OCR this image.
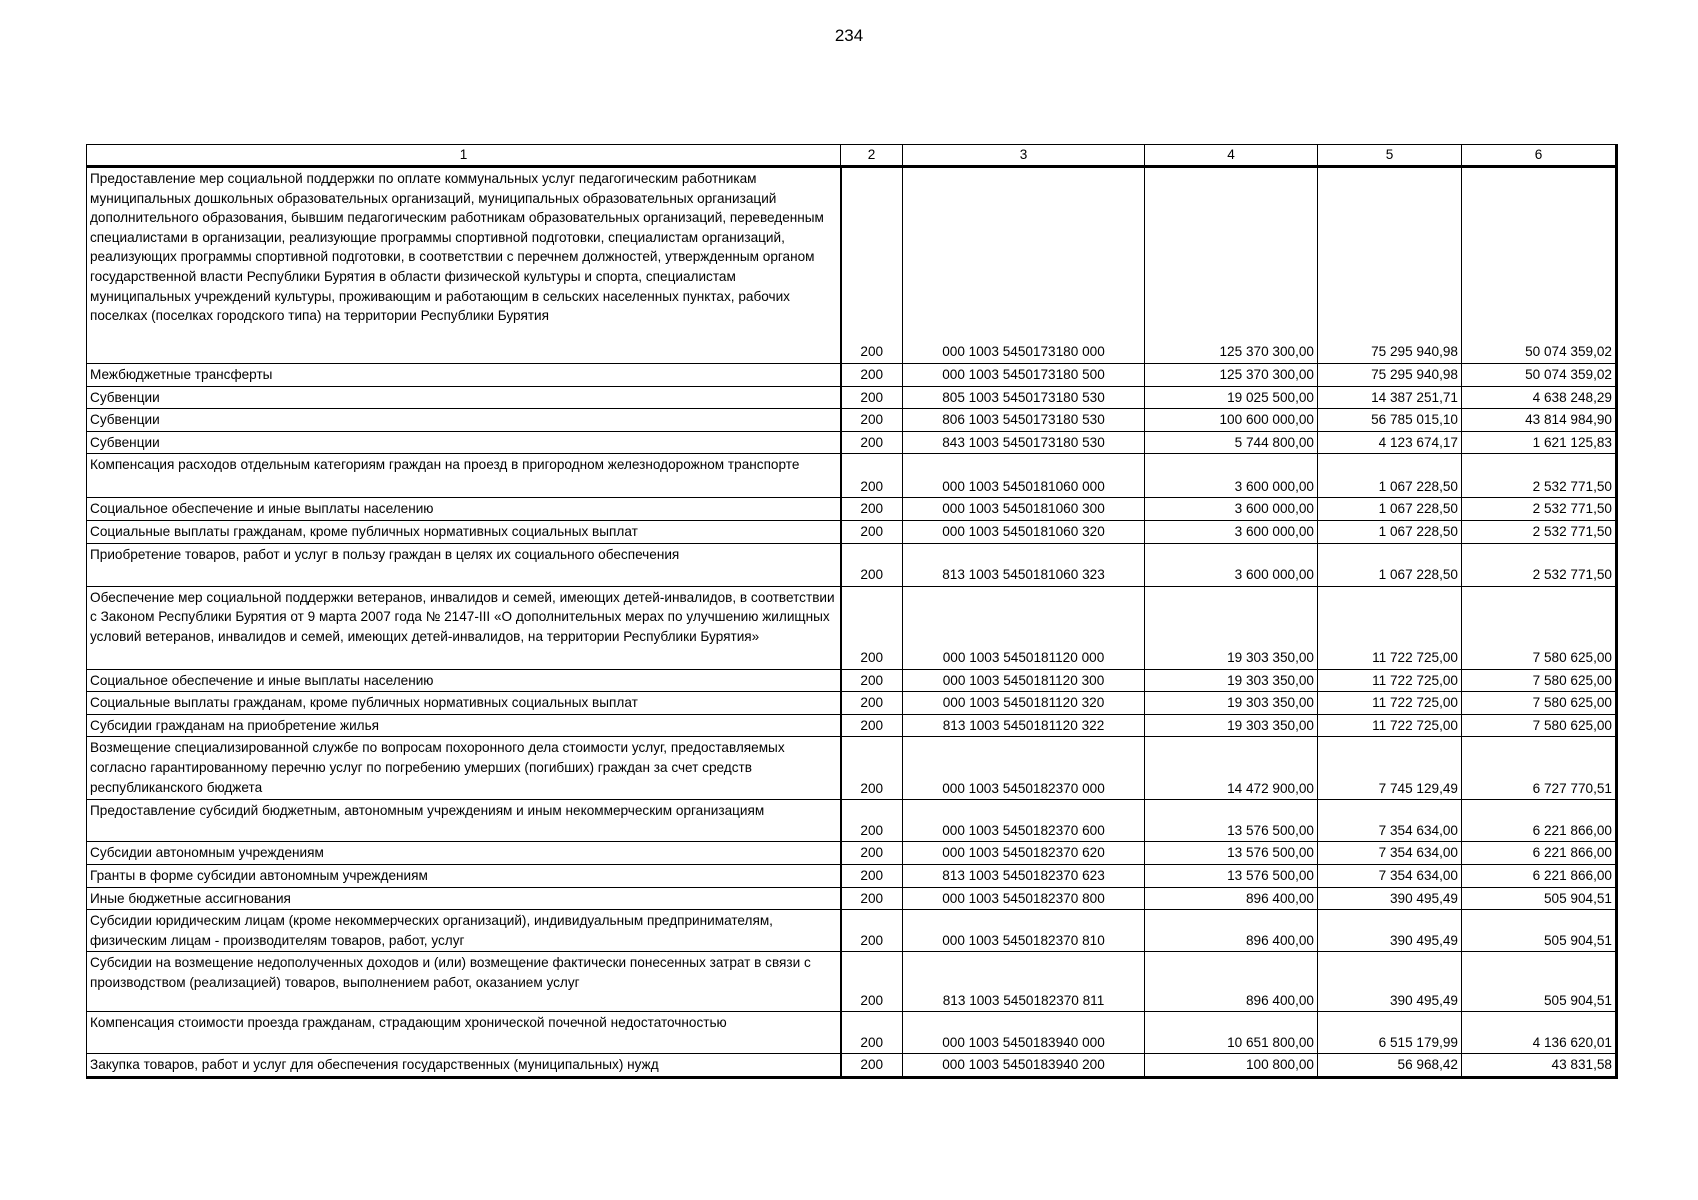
234
1	2	3	4	5	6
Предоставление мер социальной поддержки по оплате коммунальных услуг педагогическим работникам муниципальных дошкольных образовательных организаций, муниципальных образовательных организаций дополнительного образования, бывшим педагогическим работникам образовательных организаций, переведенным специалистами в организации, реализующие программы спортивной подготовки, специалистам организаций, реализующих программы спортивной подготовки, в соответствии с перечнем должностей, утвержденным органом государственной власти Республики Бурятия в области физической культуры и спорта, специалистам муниципальных учреждений культуры, проживающим и работающим в сельских населенных пунктах, рабочих поселках (поселках городского типа) на территории Республики Бурятия	200	000 1003 5450173180 000	125 370 300,00	75 295 940,98	50 074 359,02
Межбюджетные трансферты	200	000 1003 5450173180 500	125 370 300,00	75 295 940,98	50 074 359,02
Субвенции	200	805 1003 5450173180 530	19 025 500,00	14 387 251,71	4 638 248,29
Субвенции	200	806 1003 5450173180 530	100 600 000,00	56 785 015,10	43 814 984,90
Субвенции	200	843 1003 5450173180 530	5 744 800,00	4 123 674,17	1 621 125,83
Компенсация расходов отдельным категориям граждан на проезд в пригородном железнодорожном транспорте	200	000 1003 5450181060 000	3 600 000,00	1 067 228,50	2 532 771,50
Социальное обеспечение и иные выплаты населению	200	000 1003 5450181060 300	3 600 000,00	1 067 228,50	2 532 771,50
Социальные выплаты гражданам, кроме публичных нормативных социальных выплат	200	000 1003 5450181060 320	3 600 000,00	1 067 228,50	2 532 771,50
Приобретение товаров, работ и услуг в пользу граждан в целях их социального обеспечения	200	813 1003 5450181060 323	3 600 000,00	1 067 228,50	2 532 771,50
Обеспечение мер социальной поддержки ветеранов, инвалидов и семей, имеющих детей-инвалидов, в соответствии с Законом Республики Бурятия от 9 марта 2007 года № 2147-III «О дополнительных мерах по улучшению жилищных условий ветеранов, инвалидов и семей, имеющих детей-инвалидов, на территории Республики Бурятия»	200	000 1003 5450181120 000	19 303 350,00	11 722 725,00	7 580 625,00
Социальное обеспечение и иные выплаты населению	200	000 1003 5450181120 300	19 303 350,00	11 722 725,00	7 580 625,00
Социальные выплаты гражданам, кроме публичных нормативных социальных выплат	200	000 1003 5450181120 320	19 303 350,00	11 722 725,00	7 580 625,00
Субсидии гражданам на приобретение жилья	200	813 1003 5450181120 322	19 303 350,00	11 722 725,00	7 580 625,00
Возмещение специализированной службе по вопросам похоронного дела стоимости услуг, предоставляемых согласно гарантированному перечню услуг по погребению умерших (погибших) граждан за счет средств республиканского бюджета	200	000 1003 5450182370 000	14 472 900,00	7 745 129,49	6 727 770,51
Предоставление субсидий бюджетным, автономным учреждениям и иным некоммерческим организациям	200	000 1003 5450182370 600	13 576 500,00	7 354 634,00	6 221 866,00
Субсидии автономным учреждениям	200	000 1003 5450182370 620	13 576 500,00	7 354 634,00	6 221 866,00
Гранты в форме субсидии автономным учреждениям	200	813 1003 5450182370 623	13 576 500,00	7 354 634,00	6 221 866,00
Иные бюджетные ассигнования	200	000 1003 5450182370 800	896 400,00	390 495,49	505 904,51
Субсидии юридическим лицам (кроме некоммерческих организаций), индивидуальным предпринимателям, физическим лицам - производителям товаров, работ, услуг	200	000 1003 5450182370 810	896 400,00	390 495,49	505 904,51
Субсидии на возмещение недополученных доходов и (или) возмещение фактически понесенных затрат в связи с производством (реализацией) товаров, выполнением работ, оказанием услуг	200	813 1003 5450182370 811	896 400,00	390 495,49	505 904,51
Компенсация стоимости проезда гражданам, страдающим хронической почечной недостаточностью	200	000 1003 5450183940 000	10 651 800,00	6 515 179,99	4 136 620,01
Закупка товаров, работ и услуг для обеспечения государственных (муниципальных) нужд	200	000 1003 5450183940 200	100 800,00	56 968,42	43 831,58
